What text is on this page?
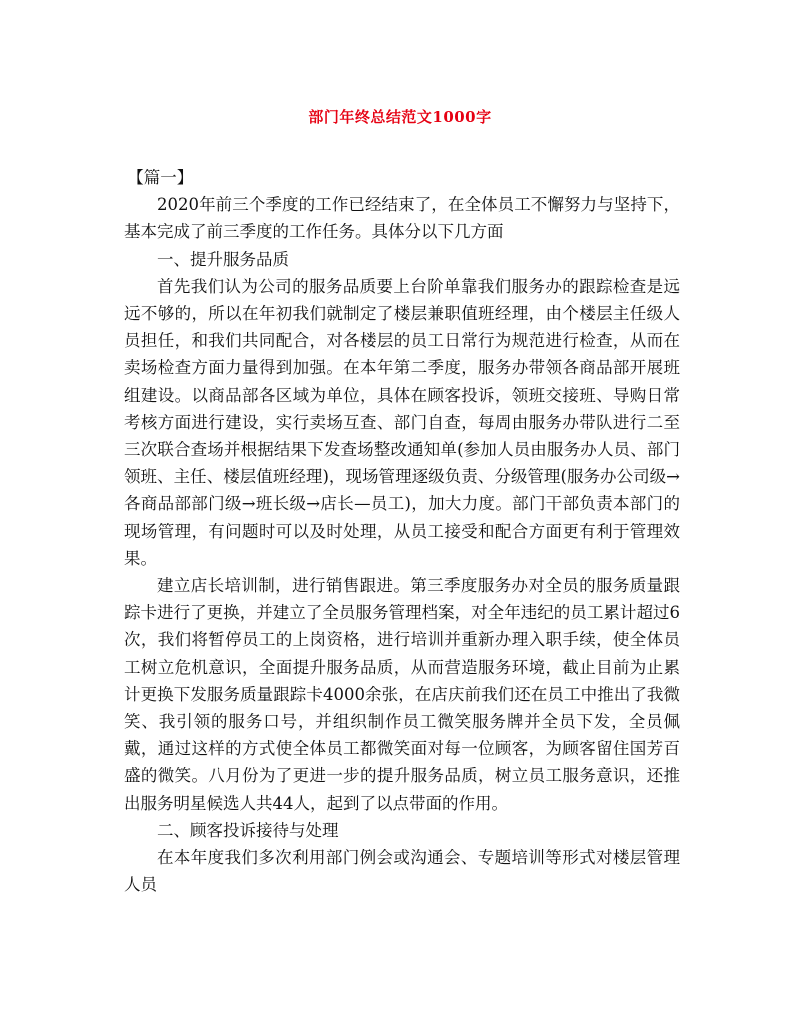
部门年终总结范文1000字

【篇一】

2020年前三个季度的工作已经结束了，在全体员工不懈努力与坚持下，基本完成了前三季度的工作任务。具体分以下几方面

一、提升服务品质

首先我们认为公司的服务品质要上台阶单靠我们服务办的跟踪检查是远远不够的，所以在年初我们就制定了楼层兼职值班经理，由个楼层主任级人员担任，和我们共同配合，对各楼层的员工日常行为规范进行检查，从而在卖场检查方面力量得到加强。在本年第二季度，服务办带领各商品部开展班组建设。以商品部各区域为单位，具体在顾客投诉，领班交接班、导购日常考核方面进行建设，实行卖场互查、部门自查，每周由服务办带队进行二至三次联合查场并根据结果下发查场整改通知单(参加人员由服务办人员、部门领班、主任、楼层值班经理)，现场管理逐级负责、分级管理(服务办公司级→各商品部部门级→班长级→店长—员工)，加大力度。部门干部负责本部门的现场管理，有问题时可以及时处理，从员工接受和配合方面更有利于管理效果。

建立店长培训制，进行销售跟进。第三季度服务办对全员的服务质量跟踪卡进行了更换，并建立了全员服务管理档案，对全年违纪的员工累计超过6次，我们将暂停员工的上岗资格，进行培训并重新办理入职手续，使全体员工树立危机意识，全面提升服务品质，从而营造服务环境，截止目前为止累计更换下发服务质量跟踪卡4000余张，在店庆前我们还在员工中推出了我微笑、我引领的服务口号，并组织制作员工微笑服务牌并全员下发，全员佩戴，通过这样的方式使全体员工都微笑面对每一位顾客，为顾客留住国芳百盛的微笑。八月份为了更进一步的提升服务品质，树立员工服务意识，还推出服务明星候选人共44人，起到了以点带面的作用。

二、顾客投诉接待与处理

在本年度我们多次利用部门例会或沟通会、专题培训等形式对楼层管理人员
